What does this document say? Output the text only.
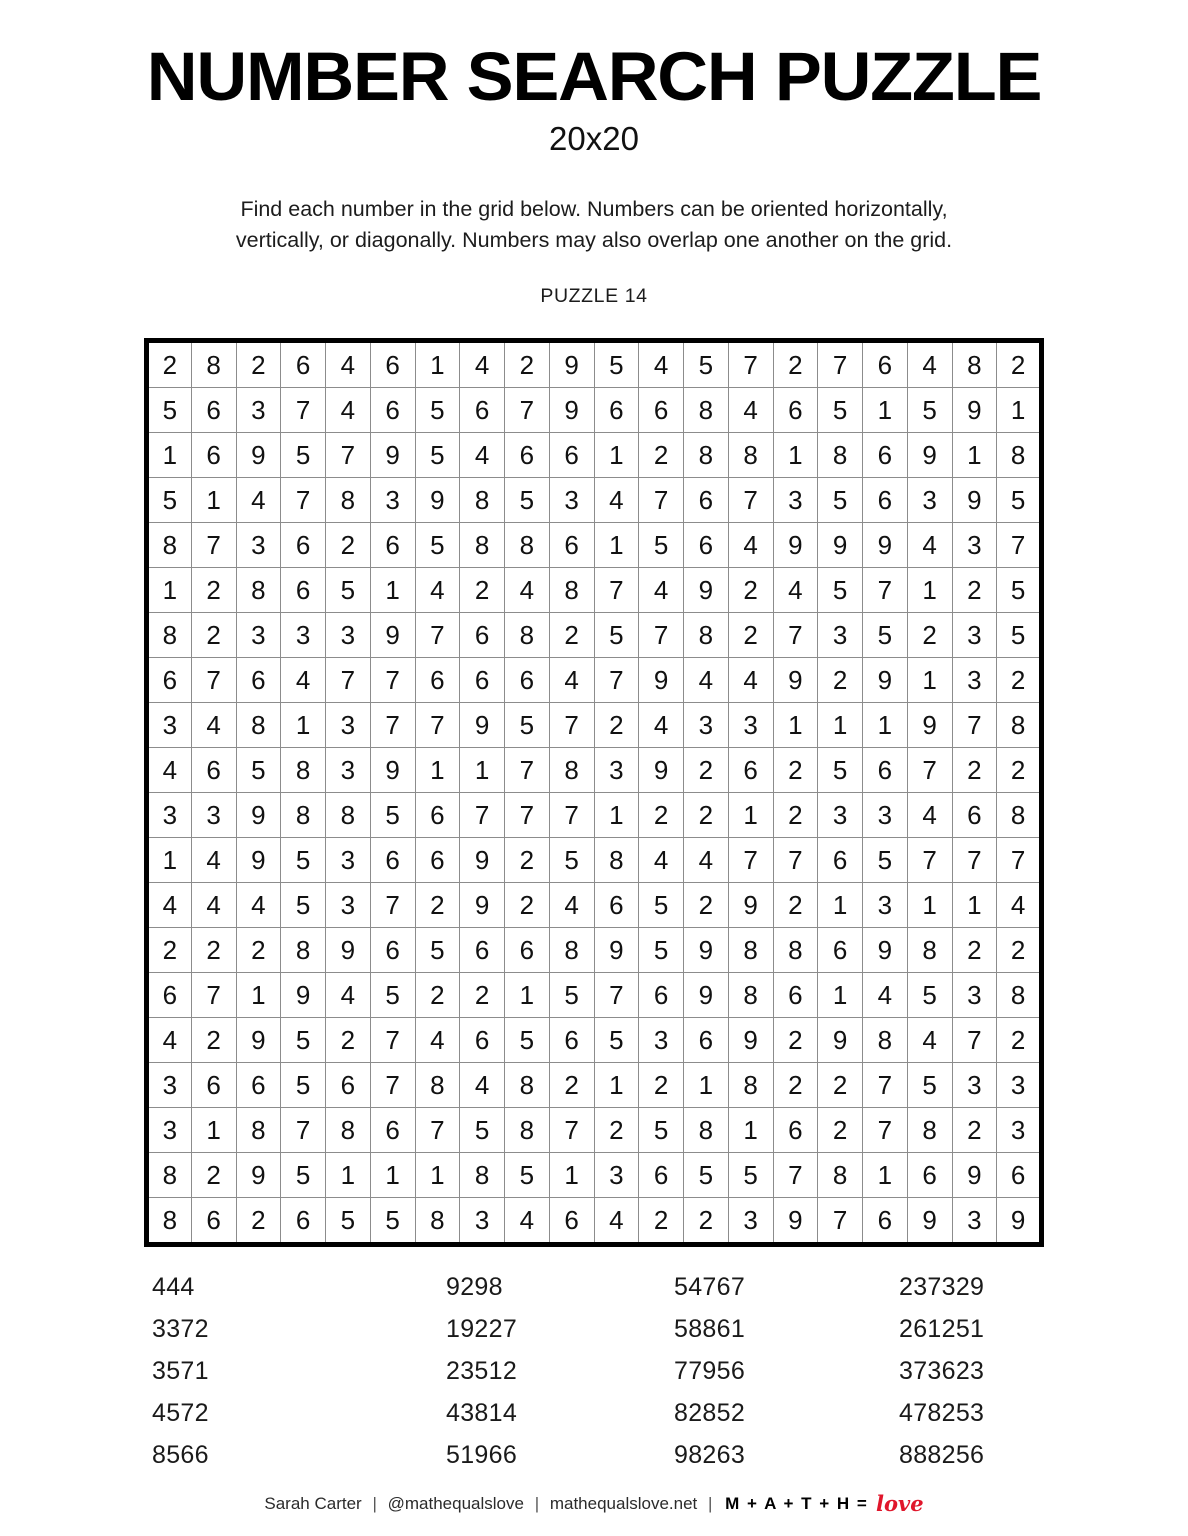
NUMBER SEARCH PUZZLE
20x20
Find each number in the grid below. Numbers can be oriented horizontally,
vertically, or diagonally. Numbers may also overlap one another on the grid.
PUZZLE 14
2	8	2	6	4	6	1	4	2	9	5	4	5	7	2	7	6	4	8	2
5	6	3	7	4	6	5	6	7	9	6	6	8	4	6	5	1	5	9	1
1	6	9	5	7	9	5	4	6	6	1	2	8	8	1	8	6	9	1	8
5	1	4	7	8	3	9	8	5	3	4	7	6	7	3	5	6	3	9	5
8	7	3	6	2	6	5	8	8	6	1	5	6	4	9	9	9	4	3	7
1	2	8	6	5	1	4	2	4	8	7	4	9	2	4	5	7	1	2	5
8	2	3	3	3	9	7	6	8	2	5	7	8	2	7	3	5	2	3	5
6	7	6	4	7	7	6	6	6	4	7	9	4	4	9	2	9	1	3	2
3	4	8	1	3	7	7	9	5	7	2	4	3	3	1	1	1	9	7	8
4	6	5	8	3	9	1	1	7	8	3	9	2	6	2	5	6	7	2	2
3	3	9	8	8	5	6	7	7	7	1	2	2	1	2	3	3	4	6	8
1	4	9	5	3	6	6	9	2	5	8	4	4	7	7	6	5	7	7	7
4	4	4	5	3	7	2	9	2	4	6	5	2	9	2	1	3	1	1	4
2	2	2	8	9	6	5	6	6	8	9	5	9	8	8	6	9	8	2	2
6	7	1	9	4	5	2	2	1	5	7	6	9	8	6	1	4	5	3	8
4	2	9	5	2	7	4	6	5	6	5	3	6	9	2	9	8	4	7	2
3	6	6	5	6	7	8	4	8	2	1	2	1	8	2	2	7	5	3	3
3	1	8	7	8	6	7	5	8	7	2	5	8	1	6	2	7	8	2	3
8	2	9	5	1	1	1	8	5	1	3	6	5	5	7	8	1	6	9	6
8	6	2	6	5	5	8	3	4	6	4	2	2	3	9	7	6	9	3	9
444	9298	54767	237329
3372	19227	58861	261251
3571	23512	77956	373623
4572	43814	82852	478253
8566	51966	98263	888256
Sarah Carter | @mathequalslove | mathequalslove.net | M + A + T + H = love
